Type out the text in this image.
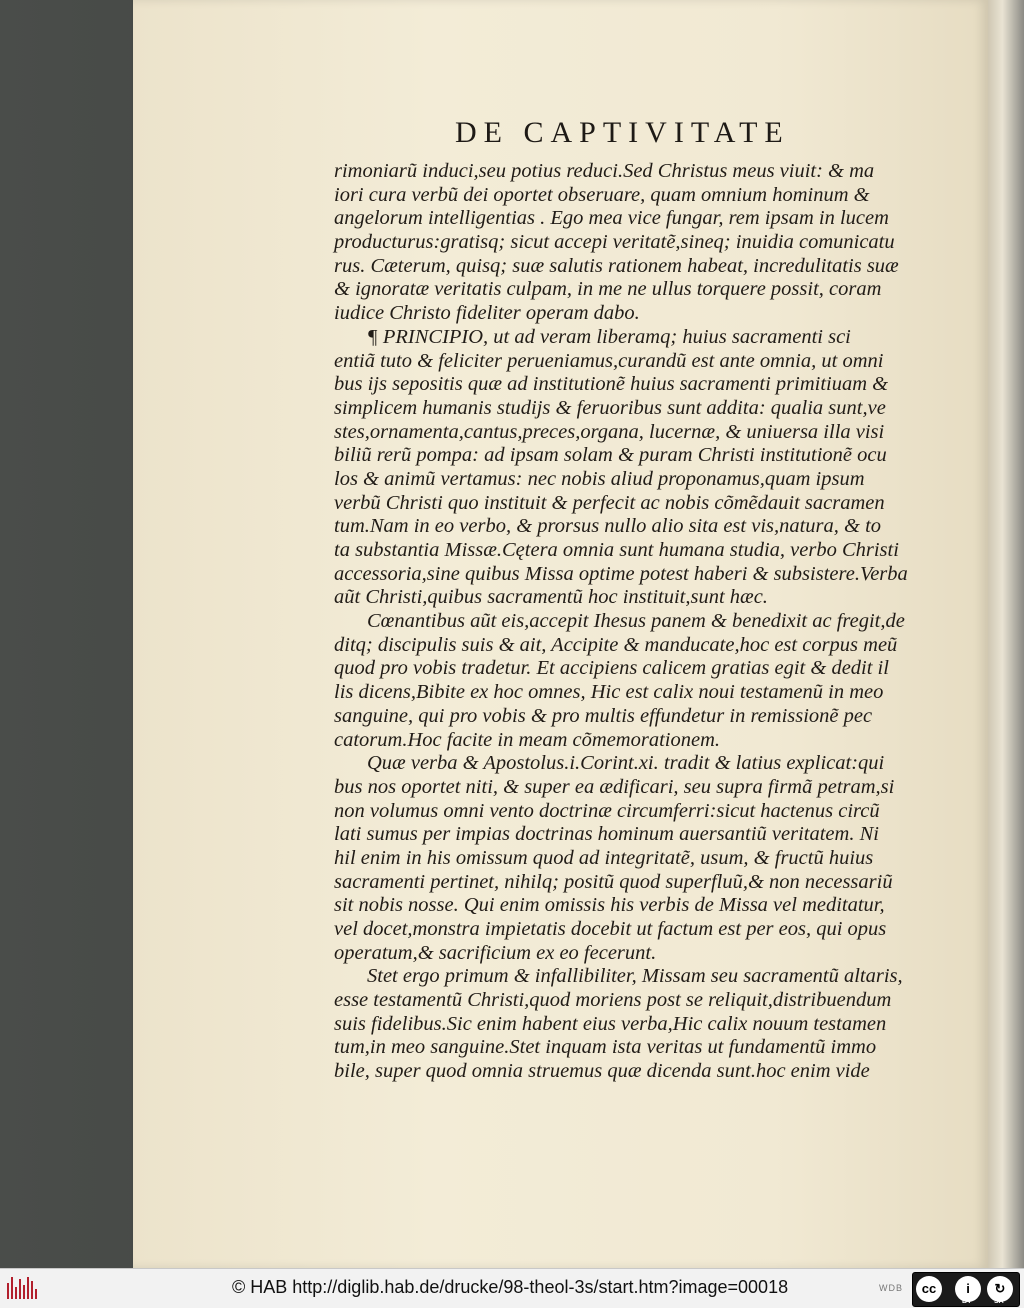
DE CAPTIVITATE
rimoniarũ induci,seu potius reduci.Sed Christus meus viuit: & ma
iori cura verbũ dei oportet obseruare, quam omnium hominum &
angelorum intelligentias . Ego mea vice fungar, rem ipsam in lucem
producturus:gratisq; sicut accepi veritatẽ,sineq; inuidia comunicatu
rus. Cæterum, quisq; suæ salutis rationem habeat, incredulitatis suæ
& ignoratæ veritatis culpam, in me ne ullus torquere possit, coram
iudice Christo fideliter operam dabo.
¶ PRINCIPIO, ut ad veram liberamq; huius sacramenti sci
entiã tuto & feliciter perueniamus,curandũ est ante omnia, ut omni
bus ijs sepositis quæ ad institutionẽ huius sacramenti primitiuam &
simplicem humanis studijs & feruoribus sunt addita: qualia sunt,ve
stes,ornamenta,cantus,preces,organa, lucernæ, & uniuersa illa visi
biliũ rerũ pompa: ad ipsam solam & puram Christi institutionẽ ocu
los & animũ vertamus: nec nobis aliud proponamus,quam ipsum
verbũ Christi quo instituit & perfecit ac nobis cõmẽdauit sacramen
tum.Nam in eo verbo, & prorsus nullo alio sita est vis,natura, & to
ta substantia Missæ.Cętera omnia sunt humana studia, verbo Christi
accessoria,sine quibus Missa optime potest haberi & subsistere.Verba
aũt Christi,quibus sacramentũ hoc instituit,sunt hæc.
Cœnantibus aũt eis,accepit Ihesus panem & benedixit ac fregit,de
ditq; discipulis suis & ait, Accipite & manducate,hoc est corpus meũ
quod pro vobis tradetur. Et accipiens calicem gratias egit & dedit il
lis dicens,Bibite ex hoc omnes, Hic est calix noui testamenũ in meo
sanguine, qui pro vobis & pro multis effundetur in remissionẽ pec
catorum.Hoc facite in meam cõmemorationem.
Quæ verba & Apostolus.i.Corint.xi. tradit & latius explicat:qui
bus nos oportet niti, & super ea ædificari, seu supra firmã petram,si
non volumus omni vento doctrinæ circumferri:sicut hactenus circũ
lati sumus per impias doctrinas hominum auersantiũ veritatem. Ni
hil enim in his omissum quod ad integritatẽ, usum, & fructũ huius
sacramenti pertinet, nihilq; positũ quod superfluũ,& non necessariũ
sit nobis nosse. Qui enim omissis his verbis de Missa vel meditatur,
vel docet,monstra impietatis docebit ut factum est per eos, qui opus
operatum,& sacrificium ex eo fecerunt.
Stet ergo primum & infallibiliter, Missam seu sacramentũ altaris,
esse testamentũ Christi,quod moriens post se reliquit,distribuendum
suis fidelibus.Sic enim habent eius verba,Hic calix nouum testamen
tum,in meo sanguine.Stet inquam ista veritas ut fundamentũ immo
bile, super quod omnia struemus quæ dicenda sunt.hoc enim vide
© HAB http://diglib.hab.de/drucke/98-theol-3s/start.htm?image=00018	WDB	cc	i	↻
BY	SA
